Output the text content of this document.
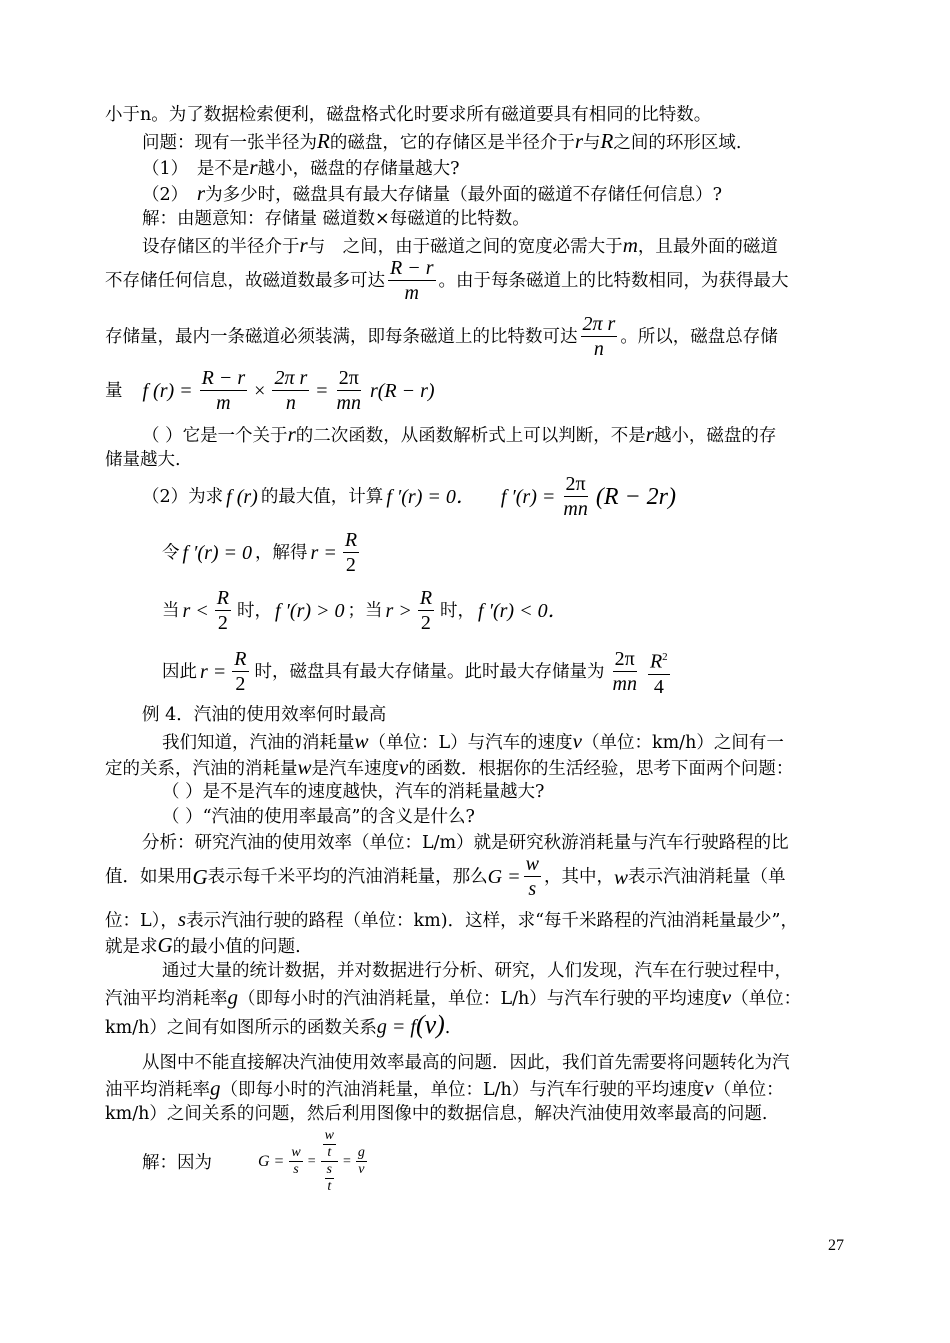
小于n。为了数据检索便利，磁盘格式化时要求所有磁道要具有相同的比特数。
问题：现有一张半径为R的磁盘，它的存储区是半径介于r与R之间的环形区域.
（1）　是不是r越小，磁盘的存储量越大?
（2）　r为多少时，磁盘具有最大存储量（最外面的磁道不存储任何信息）?
解：由题意知：存储量 磁道数×每磁道的比特数。
设存储区的半径介于r与　之间，由于磁道之间的宽度必需大于m，且最外面的磁道
不存储任何信息，故磁道数最多可达 $\frac{R - r}{m}$ 。由于每条磁道上的比特数相同，为获得最大
存储量，最内一条磁道必须装满，即每条磁道上的比特数可达 $\frac{\text{2π r}}{n}$ 。所以，磁盘总存储
量 f $(r) = \frac{R - r}{m} \times \frac{\text{2π r}}{n} = \frac{2\pi}{mn} r(R - r)$
（ ）它是一个关于r的二次函数，从函数解析式上可以判断，不是r越小，磁盘的存
储量越大.
（2）为求 f (r) 的最大值，计算 f ′(r) = 0． f $'(r) = \frac{2\pi}{mn} (R - 2r)$
令 f ′(r) = 0 ，解得 $r = \frac{R}{2}$
当 $r < \frac{R}{2}$ 时， f ′(r) > 0 ；当 $r > \frac{R}{2}$ 时， f ′(r) < 0．
因此 $r = \frac{R}{2}$ 时，磁盘具有最大存储量。此时最大存储量为 $\frac{2\pi}{mn} \frac{R^2}{4}$
例 4．汽油的使用效率何时最高
我们知道，汽油的消耗量w（单位：L）与汽车的速度v（单位：km/h）之间有一
定的关系，汽油的消耗量w是汽车速度v的函数．根据你的生活经验，思考下面两个问题：
（ ）是不是汽车的速度越快，汽车的消耗量越大?
（ ）“汽油的使用率最高”的含义是什么?
分析：研究汽油的使用效率（单位：L/m）就是研究秋游消耗量与汽车行驶路程的比
值．如果用 G 表示每千米平均的汽油消耗量，那么 $G = \frac{w}{s}$ ，其中， w 表示汽油消耗量（单
位：L），s表示汽油行驶的路程（单位：km)．这样，求“每千米路程的汽油消耗量最少”，
就是求G的最小值的问题.
通过大量的统计数据，并对数据进行分析、研究，人们发现，汽车在行驶过程中，
汽油平均消耗率g（即每小时的汽油消耗量，单位：L/h）与汽车行驶的平均速度v（单位：
km/h）之间有如图所示的函数关系g = f(v).
从图中不能直接解决汽油使用效率最高的问题．因此，我们首先需要将问题转化为汽
油平均消耗率g（即每小时的汽油消耗量，单位：L/h）与汽车行驶的平均速度v（单位：
km/h）之间关系的问题，然后利用图像中的数据信息，解决汽油使用效率最高的问题.
解：因为	$G = \frac{w}{s} = \frac{\frac{w}{t}}{\frac{s}{t}} = \frac{g}{v}$
27
